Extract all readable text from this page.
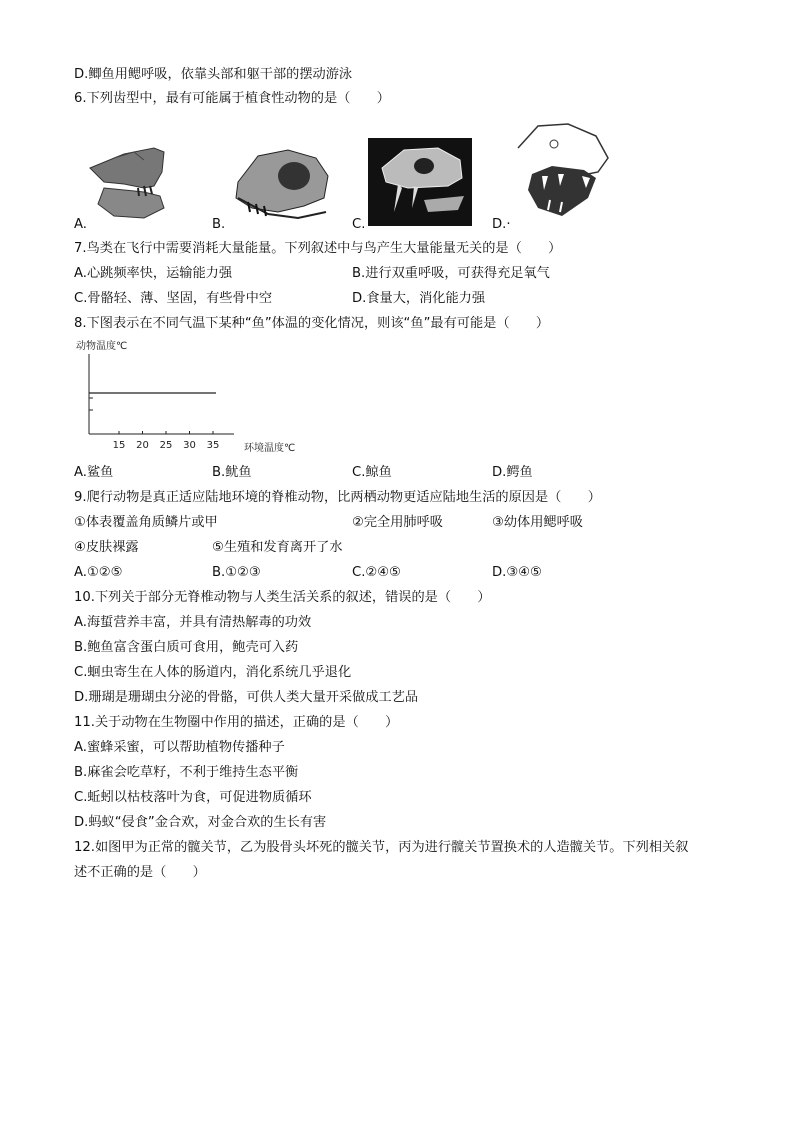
D.鲫鱼用鳃呼吸，依靠头部和躯干部的摆动游泳
6.下列齿型中，最有可能属于植食性动物的是（　　）
A.	B.	C.	D.·
7.鸟类在飞行中需要消耗大量能量。下列叙述中与鸟产生大量能量无关的是（　　）
A.心跳频率快，运输能力强	B.进行双重呼吸，可获得充足氧气
C.骨骼轻、薄、坚固，有些骨中空	D.食量大，消化能力强
8.下图表示在不同气温下某种“鱼”体温的变化情况，则该“鱼”最有可能是（　　）
动物温度℃
15 20 25 30 35 环境温度℃
A.鲨鱼	B.鱿鱼	C.鲸鱼	D.鳄鱼
9.爬行动物是真正适应陆地环境的脊椎动物，比两栖动物更适应陆地生活的原因是（　　）
①体表覆盖角质鳞片或甲	②完全用肺呼吸	③幼体用鳃呼吸
④皮肤裸露	⑤生殖和发育离开了水
A.①②⑤	B.①②③	C.②④⑤	D.③④⑤
10.下列关于部分无脊椎动物与人类生活关系的叙述，错误的是（　　）
A.海蜇营养丰富，并具有清热解毒的功效
B.鲍鱼富含蛋白质可食用，鲍壳可入药
C.蛔虫寄生在人体的肠道内，消化系统几乎退化
D.珊瑚是珊瑚虫分泌的骨骼，可供人类大量开采做成工艺品
11.关于动物在生物圈中作用的描述，正确的是（　　）
A.蜜蜂采蜜，可以帮助植物传播种子
B.麻雀会吃草籽，不利于维持生态平衡
C.蚯蚓以枯枝落叶为食，可促进物质循环
D.蚂蚁“侵食”金合欢，对金合欢的生长有害
12.如图甲为正常的髋关节，乙为股骨头坏死的髋关节，丙为进行髋关节置换术的人造髋关节。下列相关叙
述不正确的是（　　）
